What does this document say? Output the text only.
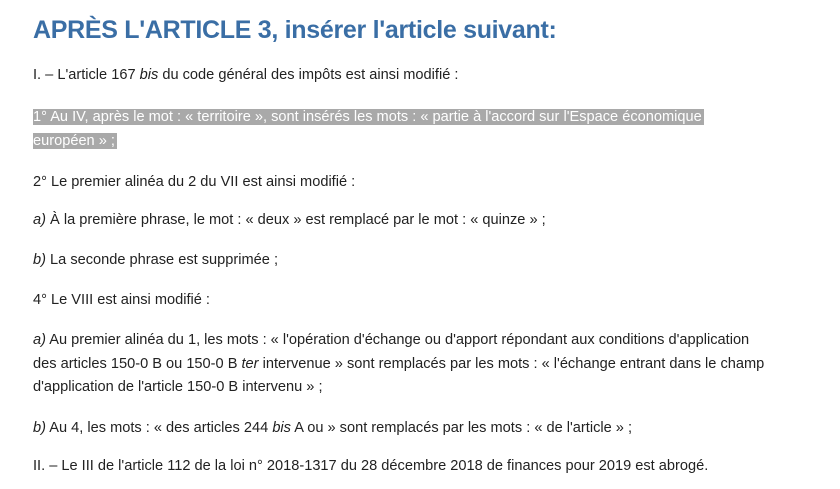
APRÈS L'ARTICLE 3, insérer l'article suivant:

I. – L'article 167 bis du code général des impôts est ainsi modifié :

1° Au IV, après le mot : « territoire », sont insérés les mots : « partie à l'accord sur l'Espace économique
européen » ;

2° Le premier alinéa du 2 du VII est ainsi modifié :

a) À la première phrase, le mot : « deux » est remplacé par le mot : « quinze » ;

b) La seconde phrase est supprimée ;

4° Le VIII est ainsi modifié :

a) Au premier alinéa du 1, les mots : « l'opération d'échange ou d'apport répondant aux conditions d'application
des articles 150-0 B ou 150-0 B ter intervenue » sont remplacés par les mots : « l'échange entrant dans le champ
d'application de l'article 150-0 B intervenu » ;

b) Au 4, les mots : « des articles 244 bis A ou » sont remplacés par les mots : « de l'article » ;

II. – Le III de l'article 112 de la loi n° 2018-1317 du 28 décembre 2018 de finances pour 2019 est abrogé.
